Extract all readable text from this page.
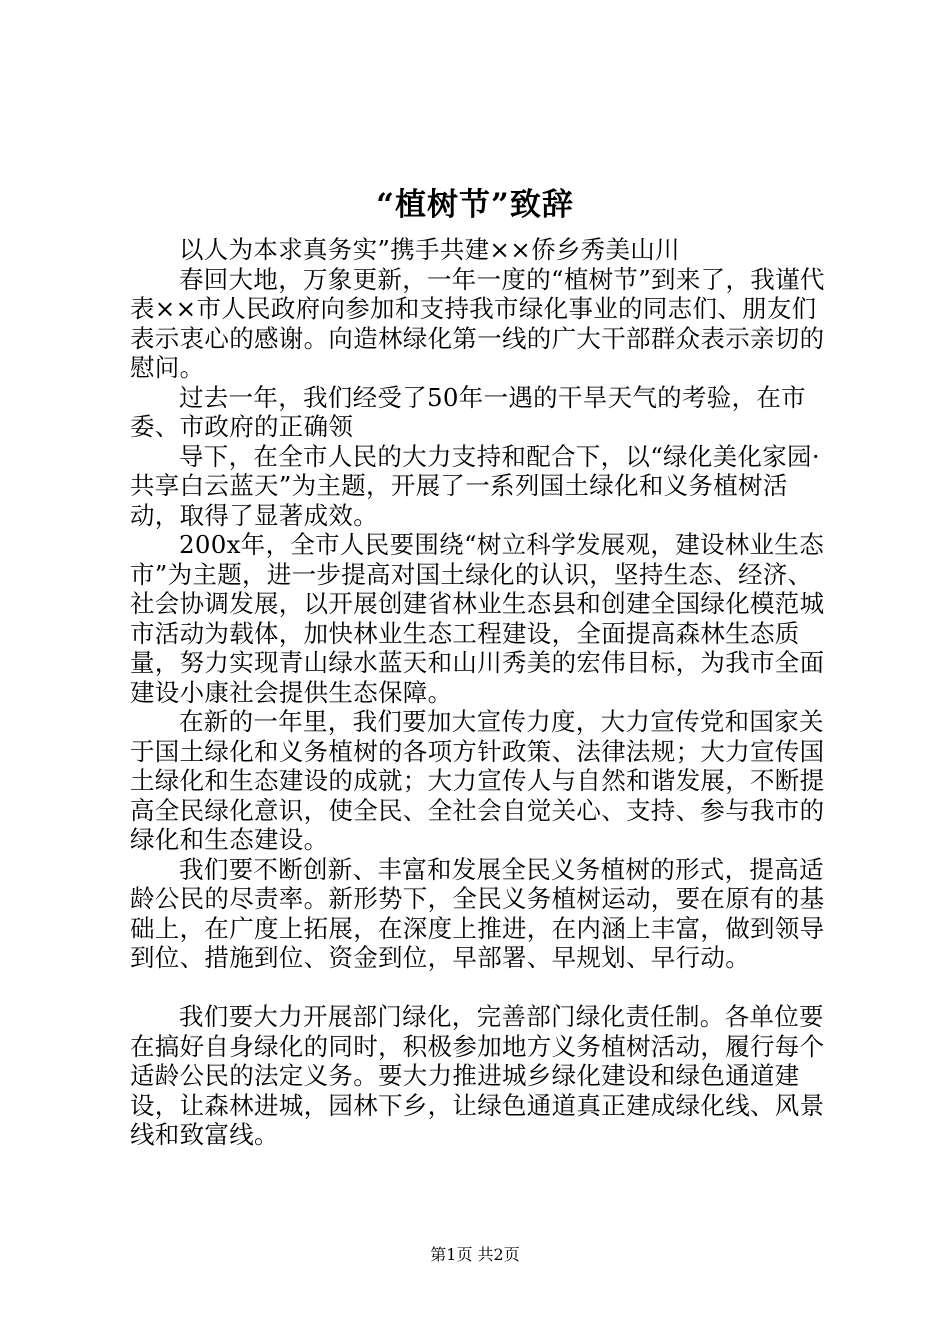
“植树节”致辞

以人为本求真务实”携手共建××侨乡秀美山川

春回大地，万象更新，一年一度的“植树节”到来了，我谨代表××市人民政府向参加和支持我市绿化事业的同志们、朋友们表示衷心的感谢。向造林绿化第一线的广大干部群众表示亲切的慰问。

过去一年，我们经受了50年一遇的干旱天气的考验，在市委、市政府的正确领

导下，在全市人民的大力支持和配合下，以“绿化美化家园·共享白云蓝天”为主题，开展了一系列国土绿化和义务植树活动，取得了显著成效。

200x年，全市人民要围绕“树立科学发展观，建设林业生态市”为主题，进一步提高对国土绿化的认识，坚持生态、经济、社会协调发展，以开展创建省林业生态县和创建全国绿化模范城市活动为载体，加快林业生态工程建设，全面提高森林生态质量，努力实现青山绿水蓝天和山川秀美的宏伟目标，为我市全面建设小康社会提供生态保障。

在新的一年里，我们要加大宣传力度，大力宣传党和国家关于国土绿化和义务植树的各项方针政策、法律法规；大力宣传国土绿化和生态建设的成就；大力宣传人与自然和谐发展，不断提高全民绿化意识，使全民、全社会自觉关心、支持、参与我市的绿化和生态建设。

我们要不断创新、丰富和发展全民义务植树的形式，提高适龄公民的尽责率。新形势下，全民义务植树运动，要在原有的基础上，在广度上拓展，在深度上推进，在内涵上丰富，做到领导到位、措施到位、资金到位，早部署、早规划、早行动。

我们要大力开展部门绿化，完善部门绿化责任制。各单位要在搞好自身绿化的同时，积极参加地方义务植树活动，履行每个适龄公民的法定义务。要大力推进城乡绿化建设和绿色通道建设，让森林进城，园林下乡，让绿色通道真正建成绿化线、风景线和致富线。

第1页 共2页
